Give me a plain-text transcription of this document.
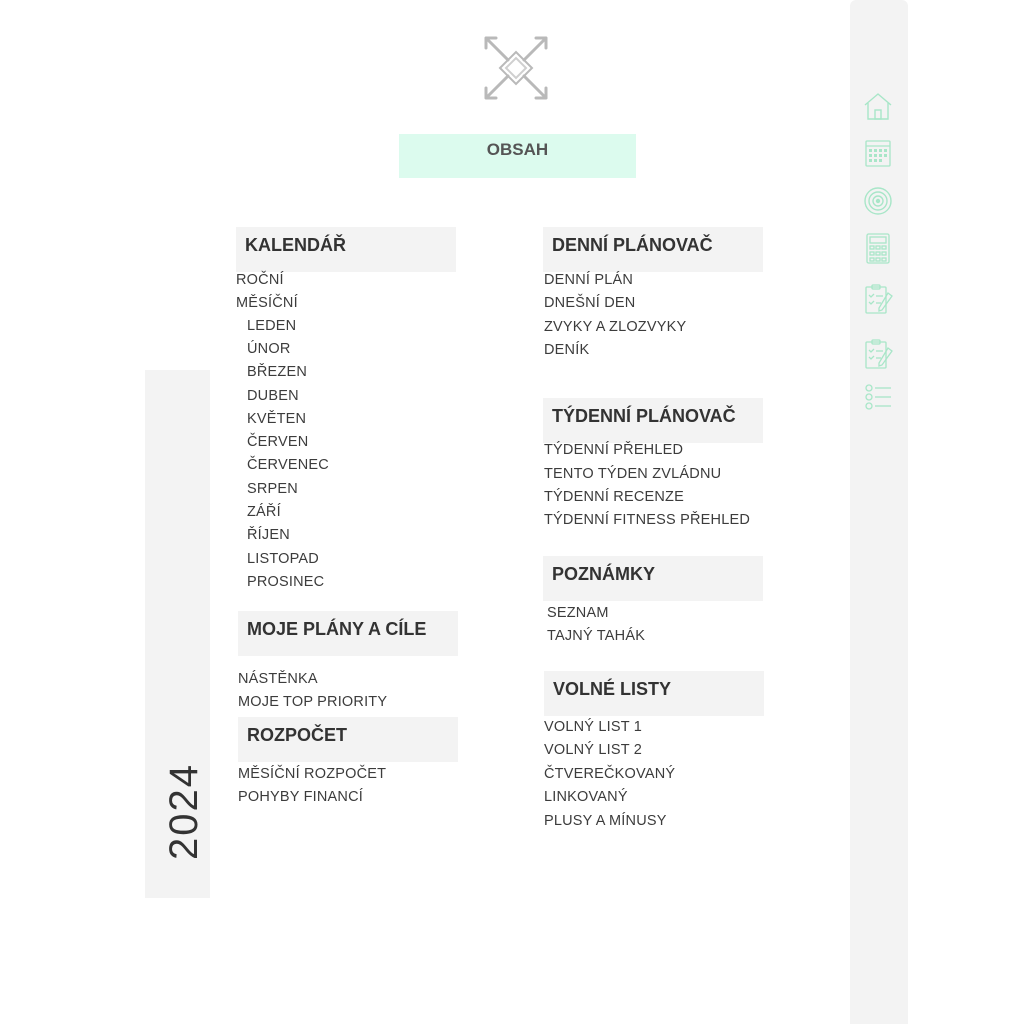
OBSAH
2024
KALENDÁŘ
ROČNÍ
MĚSÍČNÍ
LEDEN
ÚNOR
BŘEZEN
DUBEN
KVĚTEN
ČERVEN
ČERVENEC
SRPEN
ZÁŘÍ
ŘÍJEN
LISTOPAD
PROSINEC
MOJE PLÁNY A CÍLE
NÁSTĚNKA
MOJE TOP PRIORITY
ROZPOČET
MĚSÍČNÍ ROZPOČET
POHYBY FINANCÍ
DENNÍ PLÁNOVAČ
DENNÍ PLÁN
DNEŠNÍ DEN
ZVYKY A ZLOZVYKY
DENÍK
TÝDENNÍ PLÁNOVAČ
TÝDENNÍ PŘEHLED
TENTO TÝDEN ZVLÁDNU
TÝDENNÍ RECENZE
TÝDENNÍ FITNESS PŘEHLED
POZNÁMKY
SEZNAM
TAJNÝ TAHÁK
VOLNÉ LISTY
VOLNÝ LIST 1
VOLNÝ LIST 2
ČTVEREČKOVANÝ
LINKOVANÝ
PLUSY A MÍNUSY
